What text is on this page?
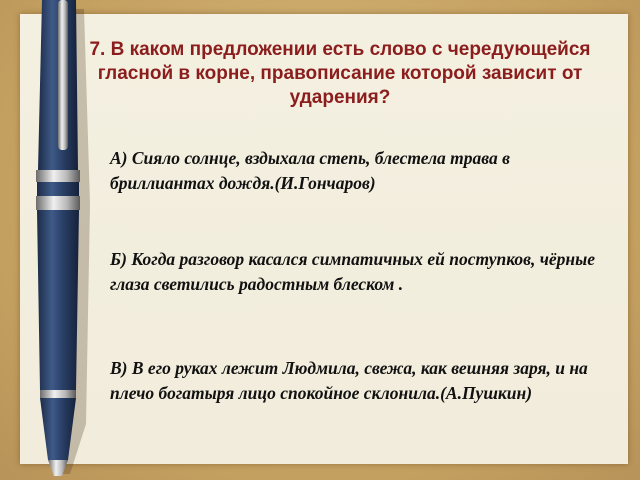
7. В каком предложении есть слово с чередующейся гласной в корне, правописание которой зависит от ударения?
А) Сияло солнце, вздыхала степь, блестела трава в бриллиантах дождя.(И.Гончаров)
Б) Когда разговор касался симпатичных ей поступков, чёрные глаза светились радостным блеском .
В) В его руках лежит Людмила, свежа, как вешняя заря, и на плечо богатыря лицо спокойное склонила.(А.Пушкин)
